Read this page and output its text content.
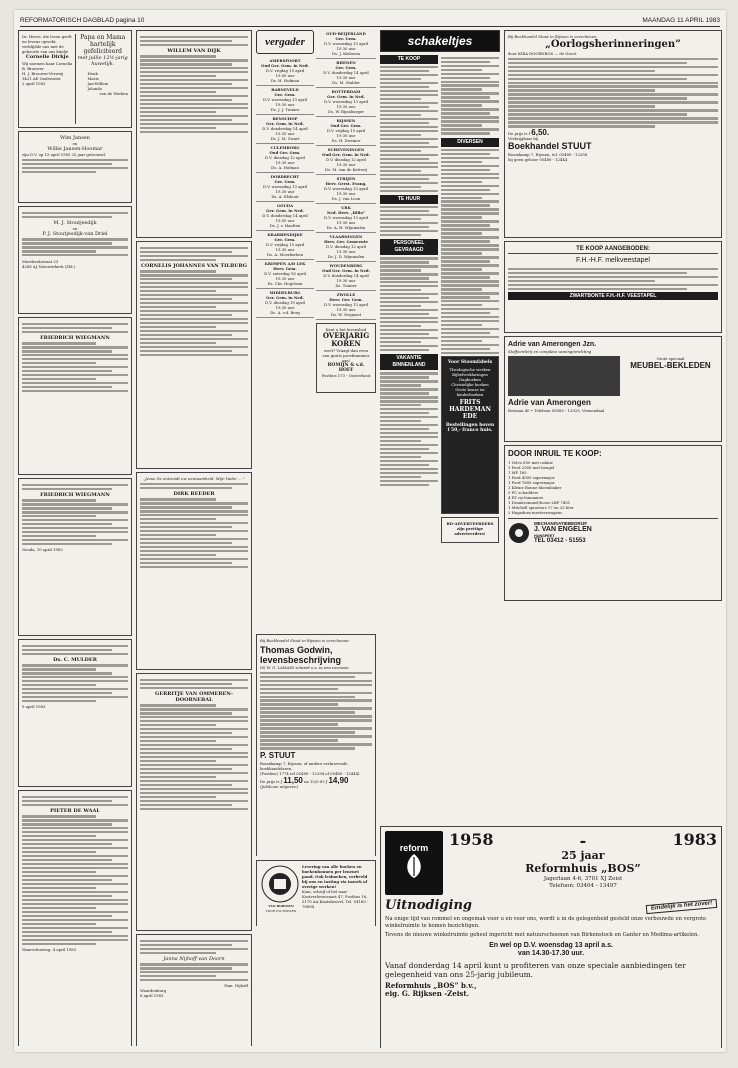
REFORMATORISCH DAGBLAD pagina 10	MAANDAG 11 APRIL 1983
Dr. Heere, die leven geeft en levens opwekt, verblijdde ons met de geboorte van ons kindje
Cornelie Dirkje
Wij noemen haar Cornelia
B. Brouwer
H. J. Brouwer-Verweij
3421 AE Oudewater
2 april 1983
Papa en Mama hartelijk gefeliciteerd
met jullie 12½-jarig huwelijk.
Henk
Marie
Jan-Willem
Jolanda
van de Werken
Wim Jansen
en
Willie Jansen-Hoomar
zijn D.V. op 15 april 1983 25 jaar getrouwd.
M. J. Stoutjesdijk
en
P. J. Stoutjesdijk-van Driel
Meerkerkstraat 23
4268 AJ Nieuwerkerk (Zld.)
FRIEDRICH WIEGMANN
FRIEDRICH WIEGMANN
Gouda, 10 april 1983
Ds. C. MULDER
9 april 1983
PIETER DE WAAL
Waarschuwing: 4 april 1983
WILLEM VAN DIJK
CORNELIS JOHANNES VAN TILBURG
„Jezus Ge ontzondt uw eenzaamheid. Mijn Vader ... ”
DIRK REEDER
GERRITJE VAN OMMEREN-DOORNEBAL
Janna Nijhoff-van Doorn
Fam. Nijhoff
Waardenburg
6 april 1983
vergader
AMERSFOORT
Oud Ger. Gem. in Ned.
D.V. vrijdag 15 april
19.00 uur
Ds. H. Hofman
BARNEVELD
Ger. Gem.
D.V. woensdag 13 april
19.30 uur
Ds. J. J. Tuinier
BENSCHOP
Ger. Gem. in Ned.
D.V. donderdag 14 april
19.30 uur
Ds. J. M. Zwart
CULEMBORG
Oud Ger. Gem.
D.V. dinsdag 12 april
19.30 uur
Ds. A. Hofman
DORDRECHT
Ger. Gem.
D.V. woensdag 13 april
19.30 uur
Ds. A. Elshout
GOUDA
Ger. Gem. in Ned.
D.V. donderdag 14 april
19.00 uur
Ds. J. v. Haaften
KRABBENDIJKE
Ger. Gem.
D.V. vrijdag 15 april
19.30 uur
Ds. A. Moerkerken
KRIMPEN A/D LEK
Herv. Gem.
D.V. zaterdag 16 april
19.30 uur
Ds. Chr. Hogchem
MIDDELBURG
Ger. Gem. in Ned.
D.V. dinsdag 19 april
19.30 uur
Ds. A. v.d. Berg
OUD-BEIJERLAND
Ger. Gem.
D.V. woensdag 13 april
19.30 uur
Ds. J. Kieboom
RHENEN
Ger. Gem.
D.V. donderdag 14 april
19.30 uur
Ds. M. Mulder
ROTTERDAM
Ger. Gem. in Ned.
D.V. woensdag 13 april
19.30 uur
Ds. W. Rijnsburger
RIJSSEN
Oud Ger. Gem.
D.V. vrijdag 15 april
19.30 uur
Ds. H. Zwemer
SCHEVENINGEN
Oud Ger. Gem. in Ned.
D.V. dinsdag 12 april
19.30 uur
Ds. M. van de Ketterij
STRIJEN
Herv. Gerst. Evang.
D.V. woensdag 13 april
19.30 uur
Ds. J. van Loon
URK
Ned. Herv. „Bilio”
D.V. woensdag 13 april
19.30 uur
Ds. A. H. Wijnmalen
VLAARDINGEN
Herv. Ger. Gemeente
D.V. dinsdag 12 april
19.30 uur
Ds. J. D. Wijnmalen
WOUDENBERG
Oud Ger. Gem. in Ned.
D.V. donderdag 14 april
19.30 uur
Ds. Tuinier
ZWOLLE
Herv. Ger. Gem.
D.V. woensdag 13 april
19.30 uur
Ds. W. Vergunst
Kent u het levenslied
OVERJARIG KOREN
weet? Vraagt dan even een gratis proefnummer aan!
ROMIJN & v.d. HOFF
Postbus 173 - Oosterhout
Bij Boekhandel Stuut in Rijssen is verschenen:
Thomas Godwin,
levensbeschrijving
(8) W. G. LAMAIN schreef o.a. in een recensie:
P. STUUT
Boomkamp 7, Rijssen, of andere verkrovende boekhandelaren.
(Postbus) 1774 tel 05480 - 12294 of 05480 - 12444)
De prijs is ƒ 11,50 na 15/5-83 ƒ 14,90
(Jubileum uitgaven)
Levering van alle boeken en boekenbonnen per lenenet pand. Ook lesboeken, verbeeld bij ons en tasting via inzoek of overige werken!
Kom, schrijf of bel naar Kostverlorenvaart 47, Postbus 16, 5170 AA Kaatsheuvel, Tel. 04160 - 76894
VAN HORSSEN
VOOR UW BOEKEN
schakeltjes
TE KOOP
TE HUUR
PERSONEEL GEVRAAGD
VAKANTIE BINNENLAND
DIVERSEN
Voor Stoomfabels
Theologische werken
Bijbelverklaringen
Dagboeken
Christelijke boeken
Grote keuze en kinderboeken
FRITS HARDEMAN
EDE
Bestellingen boven f 50,- franco huis.
RD-ADVERTEERDERS zijn prettige adverteerders!
Bij Boekhandel Stuut in Rijssen is verschenen:
„Oorlogsherinneringen”
door KIRA DOORNBOS — de Groot
De prijs is f 6,50.
Verkrijgbaar bij
Boekhandel STUUT
Boomkamp 7, Rijssen, tel. 05480 - 12294
bij geen gehoor 05480 - 12444
TE KOOP AANGEBODEN:
F.H.-H.F. melkveestapel
ZWARTBONTE F.H.-H.F. VEESTAPEL
Adrie van Amerongen Jzn.
Stoffeerderij en complete woninginrichting
Grote speciaal
MEUBEL-BEKLEDEN
Adrie van Amerongen
Bostaan 40 • Telefoon 08385 - 12925, Veenendaal
DOOR INRUIL TE KOOP:
1 Volvo 650 met cabine
1 Ford 2000 met beugel
1 MF 165
1 Ford 4000 supermajor
1 Ford 7600 supermajor
1 Kleine Ronne bloembaker
5 FC schudders
4 PZ cyclomaaiers
1 Draaitrommel/bouw LBP 7401
1 Mitchell sproeiers 17 en 25 liter
2 Hagedorn mestverwagens
MECHANISATIEBEDRIJF
J. VAN ENGELEN
HUNSPEET
TEL 03412 - 51553
reform 1958	-	1983
25 jaar
Reformhuis „BOS”
Jagerlaan 4-6, 3701 XJ Zeist
Telefoon: 03404 - 13497
Uitnodiging	Eindelijk is het zover!
Na enige tijd van rommel en ongemak voor u en voor ons, wordt u in de gelegenheid gesteld onze verbouwde en vergrote winkelruimte te komen bezichtigen.
Tevens de nieuwe winkelruimte geheel ingericht met natuurschoenen van Birkenstock en Ganter en Medima-artikelen.
En wel op D.V. woensdag 13 april a.s.
van 14.30-17.30 uur.
Vanaf donderdag 14 april kunt u profiteren van onze speciale aanbiedingen ter gelegenheid van ons 25-jarig jubileum.
Reformhuis „BOS” b.v.,
eig. G. Rijksen -Zeist.
